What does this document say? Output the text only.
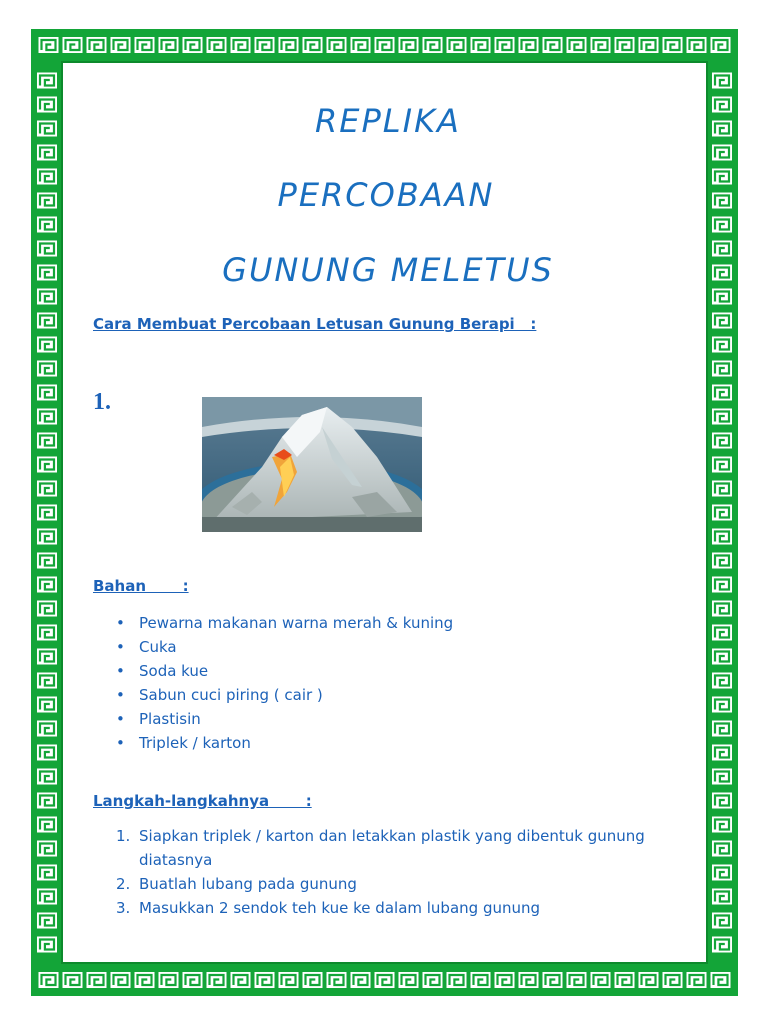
REPLIKA
PERCOBAAN
GUNUNG MELETUS
Cara Membuat Percobaan Letusan Gunung Berapi   :
1.
Bahan       :
• Pewarna makanan warna merah & kuning
• Cuka
• Soda kue
• Sabun cuci piring ( cair )
• Plastisin
• Triplek / karton
Langkah-langkahnya       :
1. Siapkan triplek / karton dan letakkan plastik yang dibentuk gunung diatasnya
2. Buatlah lubang pada gunung
3. Masukkan 2 sendok teh kue ke dalam lubang gunung
